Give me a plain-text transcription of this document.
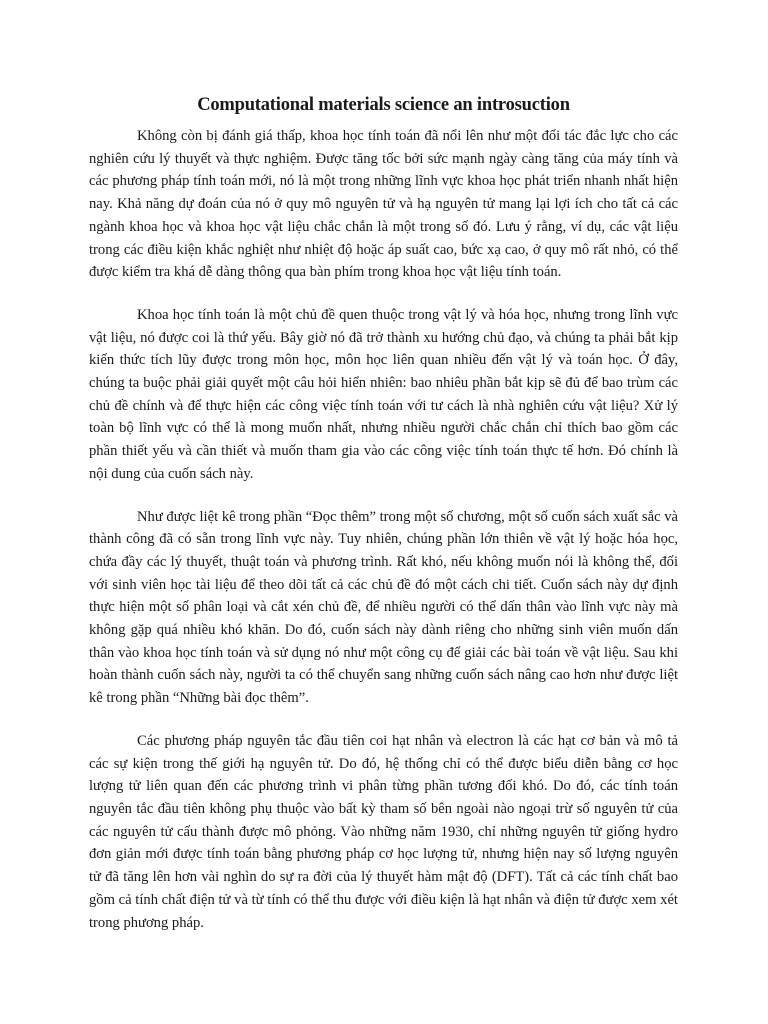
Computational materials science an introsuction

Không còn bị đánh giá thấp, khoa học tính toán đã nổi lên như một đối tác đắc lực cho các nghiên cứu lý thuyết và thực nghiệm. Được tăng tốc bởi sức mạnh ngày càng tăng của máy tính và các phương pháp tính toán mới, nó là một trong những lĩnh vực khoa học phát triển nhanh nhất hiện nay. Khả năng dự đoán của nó ở quy mô nguyên tử và hạ nguyên tử mang lại lợi ích cho tất cả các ngành khoa học và khoa học vật liệu chắc chắn là một trong số đó. Lưu ý rằng, ví dụ, các vật liệu trong các điều kiện khắc nghiệt như nhiệt độ hoặc áp suất cao, bức xạ cao, ở quy mô rất nhỏ, có thể được kiểm tra khá dễ dàng thông qua bàn phím trong khoa học vật liệu tính toán.

Khoa học tính toán là một chủ đề quen thuộc trong vật lý và hóa học, nhưng trong lĩnh vực vật liệu, nó được coi là thứ yếu. Bây giờ nó đã trở thành xu hướng chủ đạo, và chúng ta phải bắt kịp kiến thức tích lũy được trong môn học, môn học liên quan nhiều đến vật lý và toán học. Ở đây, chúng ta buộc phải giải quyết một câu hỏi hiển nhiên: bao nhiêu phần bắt kịp sẽ đủ để bao trùm các chủ đề chính và để thực hiện các công việc tính toán với tư cách là nhà nghiên cứu vật liệu? Xử lý toàn bộ lĩnh vực có thể là mong muốn nhất, nhưng nhiều người chắc chắn chỉ thích bao gồm các phần thiết yếu và cần thiết và muốn tham gia vào các công việc tính toán thực tế hơn. Đó chính là nội dung của cuốn sách này.

Như được liệt kê trong phần “Đọc thêm” trong một số chương, một số cuốn sách xuất sắc và thành công đã có sẵn trong lĩnh vực này. Tuy nhiên, chúng phần lớn thiên về vật lý hoặc hóa học, chứa đầy các lý thuyết, thuật toán và phương trình. Rất khó, nếu không muốn nói là không thể, đối với sinh viên học tài liệu để theo dõi tất cả các chủ đề đó một cách chi tiết. Cuốn sách này dự định thực hiện một số phân loại và cắt xén chủ đề, để nhiều người có thể dấn thân vào lĩnh vực này mà không gặp quá nhiều khó khăn. Do đó, cuốn sách này dành riêng cho những sinh viên muốn dấn thân vào khoa học tính toán và sử dụng nó như một công cụ để giải các bài toán về vật liệu. Sau khi hoàn thành cuốn sách này, người ta có thể chuyển sang những cuốn sách nâng cao hơn như được liệt kê trong phần “Những bài đọc thêm”.

Các phương pháp nguyên tắc đầu tiên coi hạt nhân và electron là các hạt cơ bản và mô tả các sự kiện trong thế giới hạ nguyên tử. Do đó, hệ thống chỉ có thể được biểu diễn bằng cơ học lượng tử liên quan đến các phương trình vi phân từng phần tương đối khó. Do đó, các tính toán nguyên tắc đầu tiên không phụ thuộc vào bất kỳ tham số bên ngoài nào ngoại trừ số nguyên tử của các nguyên tử cấu thành được mô phỏng. Vào những năm 1930, chỉ những nguyên tử giống hydro đơn giản mới được tính toán bằng phương pháp cơ học lượng tử, nhưng hiện nay số lượng nguyên tử đã tăng lên hơn vài nghìn do sự ra đời của lý thuyết hàm mật độ (DFT). Tất cả các tính chất bao gồm cả tính chất điện tử và từ tính có thể thu được với điều kiện là hạt nhân và điện tử được xem xét trong phương pháp.
